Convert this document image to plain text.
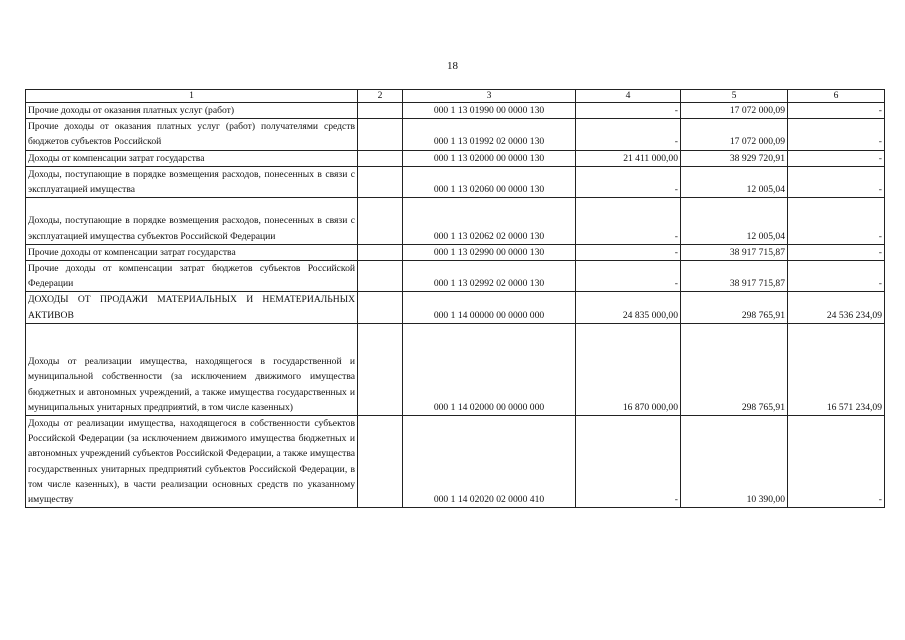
18
1	2	3	4	5	6
Прочие доходы от оказания платных услуг (работ)		000 1 13 01990 00 0000 130	-	17 072 000,09	-
Прочие доходы от оказания платных услуг (работ) получателями средств бюджетов субъектов Российской		000 1 13 01992 02 0000 130	-	17 072 000,09	-
Доходы от компенсации затрат государства		000 1 13 02000 00 0000 130	21 411 000,00	38 929 720,91	-
Доходы, поступающие в порядке возмещения расходов, понесенных в связи с эксплуатацией имущества		000 1 13 02060 00 0000 130	-	12 005,04	-
Доходы, поступающие в порядке возмещения расходов, понесенных в связи с эксплуатацией имущества субъектов Российской Федерации		000 1 13 02062 02 0000 130	-	12 005,04	-
Прочие доходы от компенсации затрат государства		000 1 13 02990 00 0000 130	-	38 917 715,87	-
Прочие доходы от компенсации затрат бюджетов субъектов Российской Федерации		000 1 13 02992 02 0000 130	-	38 917 715,87	-
ДОХОДЫ ОТ ПРОДАЖИ МАТЕРИАЛЬНЫХ И НЕМАТЕРИАЛЬНЫХ АКТИВОВ		000 1 14 00000 00 0000 000	24 835 000,00	298 765,91	24 536 234,09
Доходы от реализации имущества, находящегося в государственной и муниципальной собственности (за исключением движимого имущества бюджетных и автономных учреждений, а также имущества государственных и муниципальных унитарных предприятий, в том числе казенных)		000 1 14 02000 00 0000 000	16 870 000,00	298 765,91	16 571 234,09
Доходы от реализации имущества, находящегося в собственности субъектов Российской Федерации (за исключением движимого имущества бюджетных и автономных учреждений субъектов Российской Федерации, а также имущества государственных унитарных предприятий субъектов Российской Федерации, в том числе казенных), в части реализации основных средств по указанному имуществу		000 1 14 02020 02 0000 410	-	10 390,00	-
